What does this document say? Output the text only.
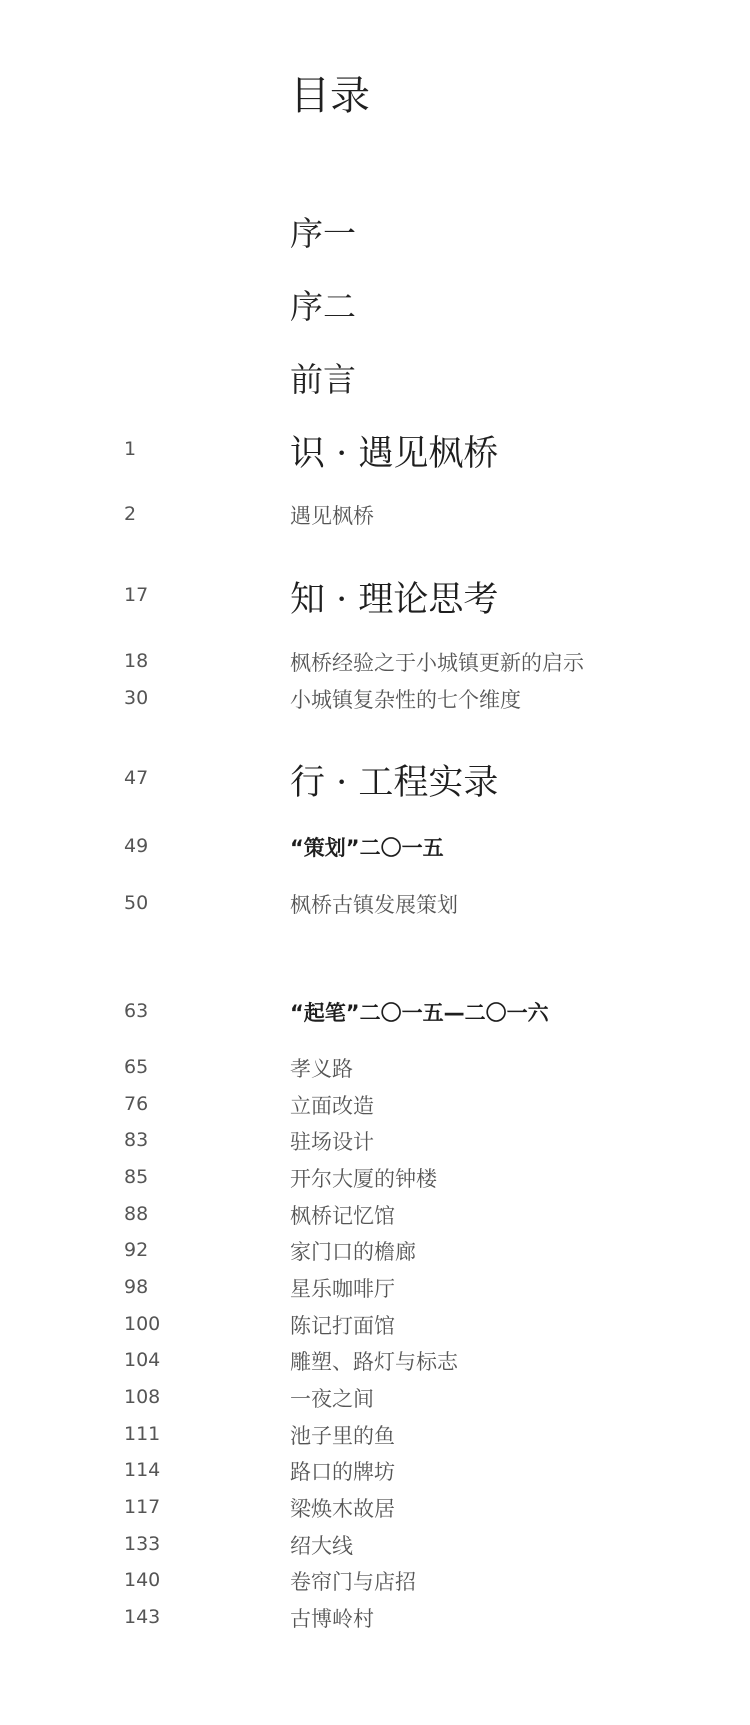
目录
序一
序二
前言
1	识 · 遇见枫桥
2	遇见枫桥
17	知 · 理论思考
18	枫桥经验之于小城镇更新的启示
30	小城镇复杂性的七个维度
47	行 · 工程实录
49	“策划”二〇一五
50	枫桥古镇发展策划
63	“起笔”二〇一五—二〇一六
65	孝义路
76	立面改造
83	驻场设计
85	开尔大厦的钟楼
88	枫桥记忆馆
92	家门口的檐廊
98	星乐咖啡厅
100	陈记打面馆
104	雕塑、路灯与标志
108	一夜之间
111	池子里的鱼
114	路口的牌坊
117	梁焕木故居
133	绍大线
140	卷帘门与店招
143	古博岭村
